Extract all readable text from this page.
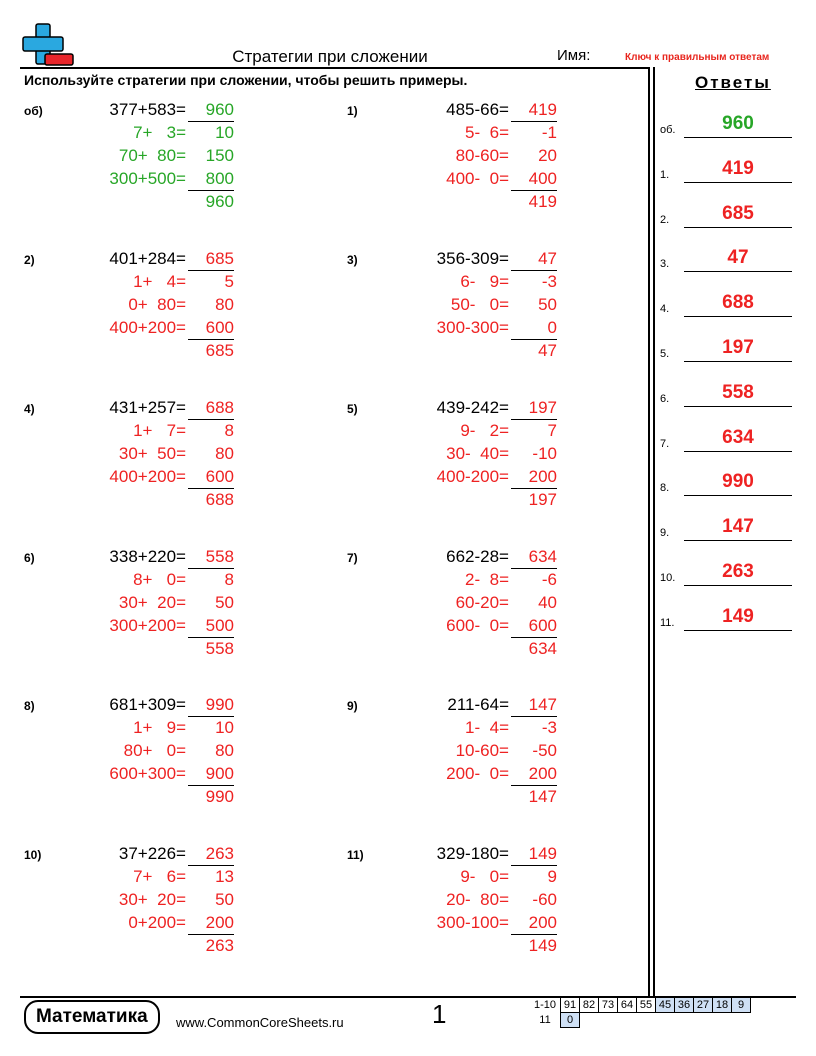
Стратегии при сложении	Имя:	Ключ к правильным ответам
Используйте стратегии при сложении, чтобы решить примеры.	Ответы
об)	377+583=	960
7+   3=	10
70+  80=	150
300+500=	800
960
1)	485-66=	419
5-  6=	-1
80-60=	20
400-  0=	400
419
2)	401+284=	685
1+   4=	5
0+  80=	80
400+200=	600
685
3)	356-309=	47
6-   9=	-3
50-   0=	50
300-300=	0
47
4)	431+257=	688
1+   7=	8
30+  50=	80
400+200=	600
688
5)	439-242=	197
9-   2=	7
30-  40=	-10
400-200=	200
197
6)	338+220=	558
8+   0=	8
30+  20=	50
300+200=	500
558
7)	662-28=	634
2-  8=	-6
60-20=	40
600-  0=	600
634
8)	681+309=	990
1+   9=	10
80+   0=	80
600+300=	900
990
9)	211-64=	147
1-  4=	-3
10-60=	-50
200-  0=	200
147
10)	37+226=	263
7+   6=	13
30+  20=	50
0+200=	200
263
11)	329-180=	149
9-   0=	9
20-  80=	-60
300-100=	200
149
об.	960
1.	419
2.	685
3.	47
4.	688
5.	197
6.	558
7.	634
8.	990
9.	147
10.	263
11.	149
Математика	www.CommonCoreSheets.ru	1	1-10	91	82	73	64	55	45	36	27	18	9
11	0									
